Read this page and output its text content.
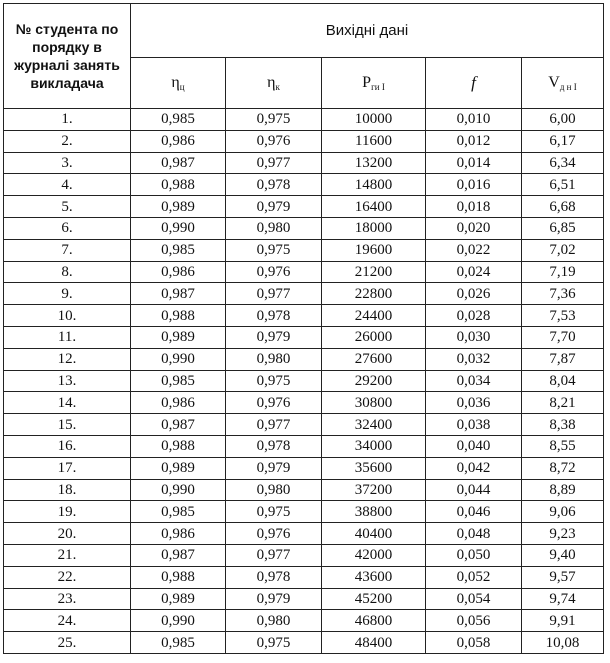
№ студента по порядку в журналі занять викладача	Вихідні дані				
	$\eta_ц$	$\eta_к$	$P_{ги I}$	f	$V_{д н I}$
1.	0,985	0,975	10000	0,010	6,00
2.	0,986	0,976	11600	0,012	6,17
3.	0,987	0,977	13200	0,014	6,34
4.	0,988	0,978	14800	0,016	6,51
5.	0,989	0,979	16400	0,018	6,68
6.	0,990	0,980	18000	0,020	6,85
7.	0,985	0,975	19600	0,022	7,02
8.	0,986	0,976	21200	0,024	7,19
9.	0,987	0,977	22800	0,026	7,36
10.	0,988	0,978	24400	0,028	7,53
11.	0,989	0,979	26000	0,030	7,70
12.	0,990	0,980	27600	0,032	7,87
13.	0,985	0,975	29200	0,034	8,04
14.	0,986	0,976	30800	0,036	8,21
15.	0,987	0,977	32400	0,038	8,38
16.	0,988	0,978	34000	0,040	8,55
17.	0,989	0,979	35600	0,042	8,72
18.	0,990	0,980	37200	0,044	8,89
19.	0,985	0,975	38800	0,046	9,06
20.	0,986	0,976	40400	0,048	9,23
21.	0,987	0,977	42000	0,050	9,40
22.	0,988	0,978	43600	0,052	9,57
23.	0,989	0,979	45200	0,054	9,74
24.	0,990	0,980	46800	0,056	9,91
25.	0,985	0,975	48400	0,058	10,08
